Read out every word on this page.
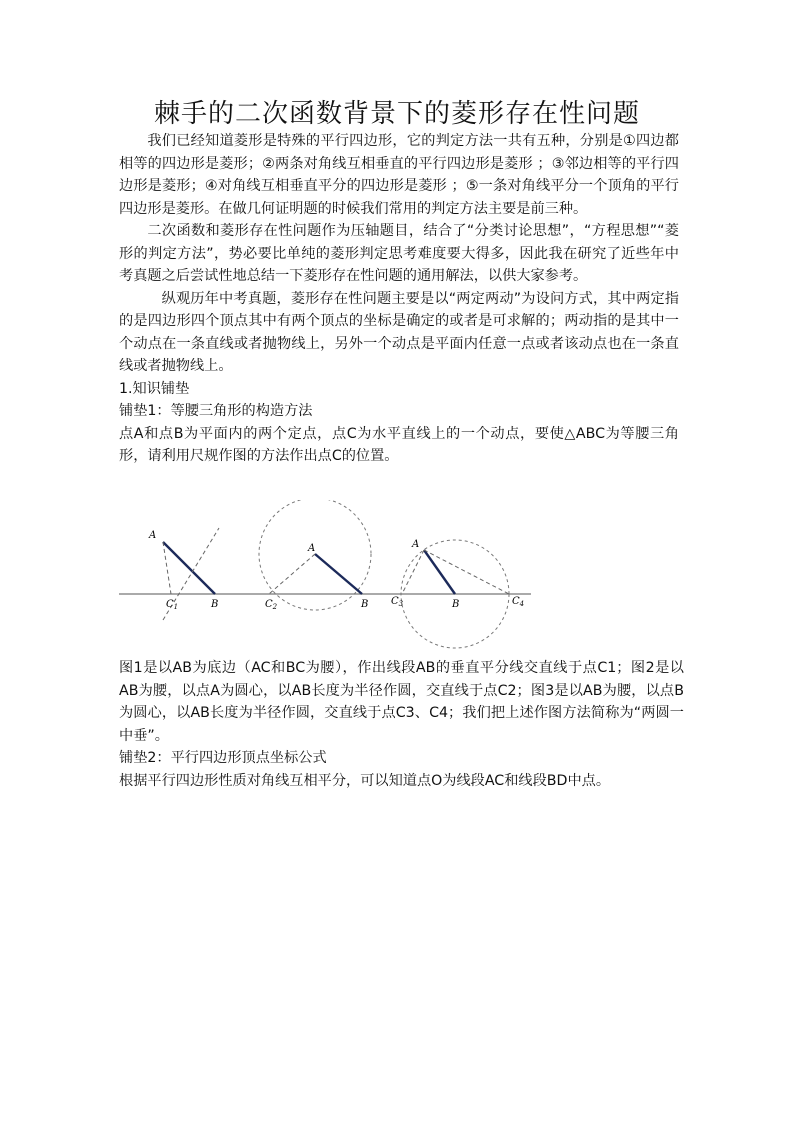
棘手的二次函数背景下的菱形存在性问题

我们已经知道菱形是特殊的平行四边形，它的判定方法一共有五种，分别是①四边都相等的四边形是菱形；②两条对角线互相垂直的平行四边形是菱形 ；③邻边相等的平行四边形是菱形；④对角线互相垂直平分的四边形是菱形 ；⑤一条对角线平分一个顶角的平行四边形是菱形。在做几何证明题的时候我们常用的判定方法主要是前三种。

二次函数和菱形存在性问题作为压轴题目，结合了“分类讨论思想”，“方程思想”“菱形的判定方法”，势必要比单纯的菱形判定思考难度要大得多，因此我在研究了近些年中考真题之后尝试性地总结一下菱形存在性问题的通用解法，以供大家参考。

纵观历年中考真题，菱形存在性问题主要是以“两定两动”为设问方式，其中两定指的是四边形四个顶点其中有两个顶点的坐标是确定的或者是可求解的；两动指的是其中一个动点在一条直线或者抛物线上，另外一个动点是平面内任意一点或者该动点也在一条直线或者抛物线上。

1.知识铺垫

铺垫1：等腰三角形的构造方法

点A和点B为平面内的两个定点，点C为水平直线上的一个动点，要使△ABC为等腰三角形，请利用尺规作图的方法作出点C的位置。

A
B
$C_1$
A
B
$C_2$
A
B
$C_3$	$C_4$

图1是以AB为底边（AC和BC为腰），作出线段AB的垂直平分线交直线于点C1；图2是以AB为腰，以点A为圆心，以AB长度为半径作圆，交直线于点C2；图3是以AB为腰，以点B为圆心，以AB长度为半径作圆，交直线于点C3、C4；我们把上述作图方法简称为“两圆一中垂”。

铺垫2：平行四边形顶点坐标公式

根据平行四边形性质对角线互相平分，可以知道点O为线段AC和线段BD中点。
